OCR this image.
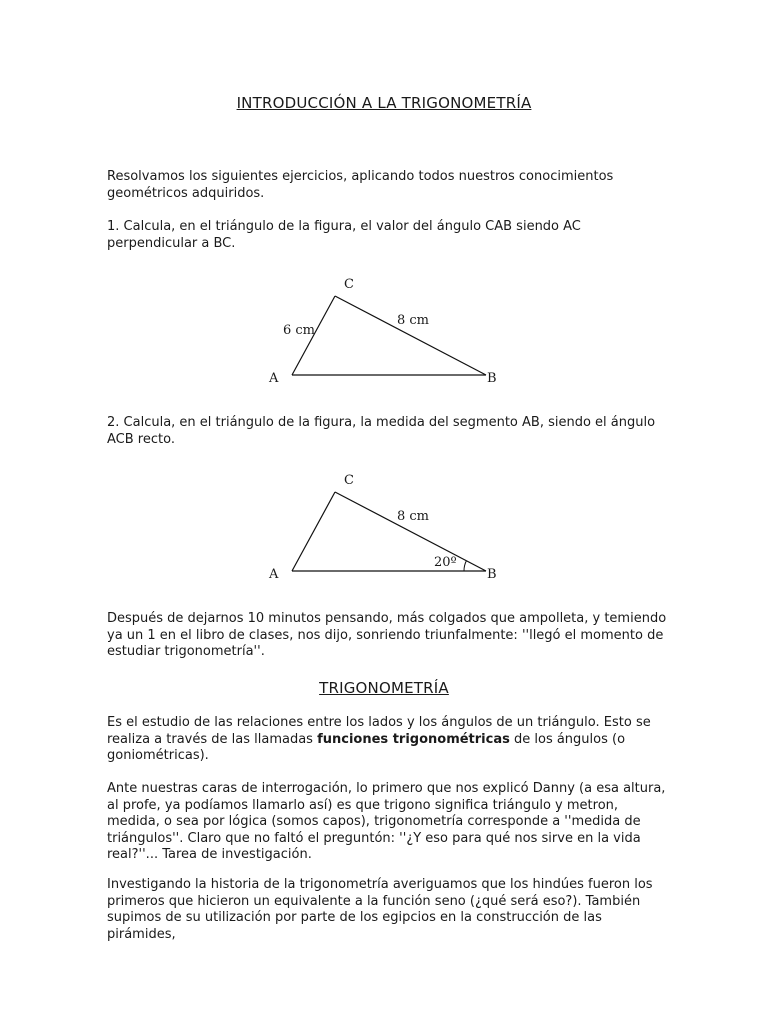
INTRODUCCIÓN A LA TRIGONOMETRÍA

Resolvamos los siguientes ejercicios, aplicando todos nuestros conocimientos geométricos adquiridos.

1. Calcula, en el triángulo de la figura, el valor del ángulo CAB siendo AC perpendicular a BC.

C
A	B
6 cm
8 cm

2. Calcula, en el triángulo de la figura, la medida del segmento AB, siendo el ángulo ACB recto.

C
A	B
8 cm
20º

Después de dejarnos 10 minutos pensando, más colgados que ampolleta, y temiendo ya un 1 en el libro de clases, nos dijo, sonriendo triunfalmente: ''llegó el momento de estudiar trigonometría''.

TRIGONOMETRÍA

Es el estudio de las relaciones entre los lados y los ángulos de un triángulo. Esto se realiza a través de las llamadas funciones trigonométricas de los ángulos (o goniométricas).

Ante nuestras caras de interrogación, lo primero que nos explicó Danny (a esa altura, al profe, ya podíamos llamarlo así) es que trigono significa triángulo y metron, medida, o sea por lógica (somos capos), trigonometría corresponde a ''medida de triángulos''. Claro que no faltó el preguntón: ''¿Y eso para qué nos sirve en la vida real?''... Tarea de investigación.

Investigando la historia de la trigonometría averiguamos que los hindúes fueron los primeros que hicieron un equivalente a la función seno (¿qué será eso?). También supimos de su utilización por parte de los egipcios en la construcción de las pirámides,
